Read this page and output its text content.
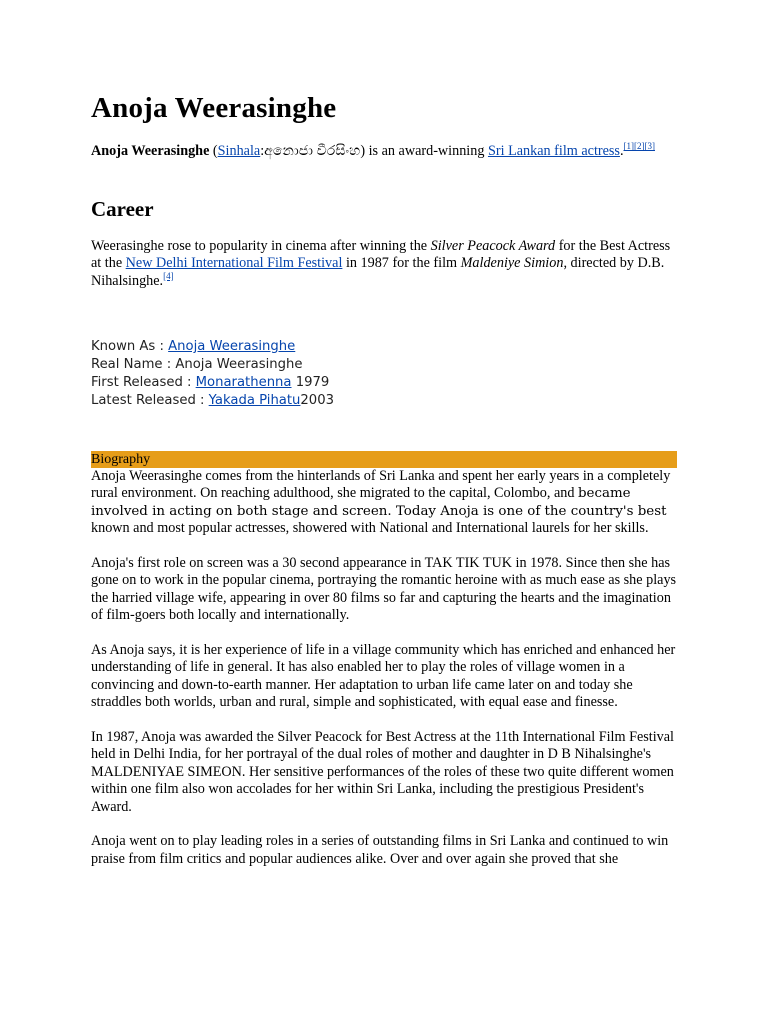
Anoja Weerasinghe

Anoja Weerasinghe (Sinhala:අනොජා වීරසිංහ) is an award-winning Sri Lankan film actress.[1][2][3]

Career

Weerasinghe rose to popularity in cinema after winning the Silver Peacock Award for the Best Actress at the New Delhi International Film Festival in 1987 for the film Maldeniye Simion, directed by D.B. Nihalsinghe.[4]

Known As : Anoja Weerasinghe
Real Name : Anoja Weerasinghe
First Released : Monarathenna 1979
Latest Released : Yakada Pihatu2003
Biography

Anoja Weerasinghe comes from the hinterlands of Sri Lanka and spent her early years in a completely rural environment. On reaching adulthood, she migrated to the capital, Colombo, and became involved in acting on both stage and screen. Today Anoja is one of the country's best known and most popular actresses, showered with National and International laurels for her skills.

Anoja's first role on screen was a 30 second appearance in TAK TIK TUK in 1978. Since then she has gone on to work in the popular cinema, portraying the romantic heroine with as much ease as she plays the harried village wife, appearing in over 80 films so far and capturing the hearts and the imagination of film-goers both locally and internationally.

As Anoja says, it is her experience of life in a village community which has enriched and enhanced her understanding of life in general. It has also enabled her to play the roles of village women in a convincing and down-to-earth manner. Her adaptation to urban life came later on and today she straddles both worlds, urban and rural, simple and sophisticated, with equal ease and finesse.

In 1987, Anoja was awarded the Silver Peacock for Best Actress at the 11th International Film Festival held in Delhi India, for her portrayal of the dual roles of mother and daughter in D B Nihalsinghe's MALDENIYAE SIMEON. Her sensitive performances of the roles of these two quite different women within one film also won accolades for her within Sri Lanka, including the prestigious President's Award.

Anoja went on to play leading roles in a series of outstanding films in Sri Lanka and continued to win praise from film critics and popular audiences alike. Over and over again she proved that she
